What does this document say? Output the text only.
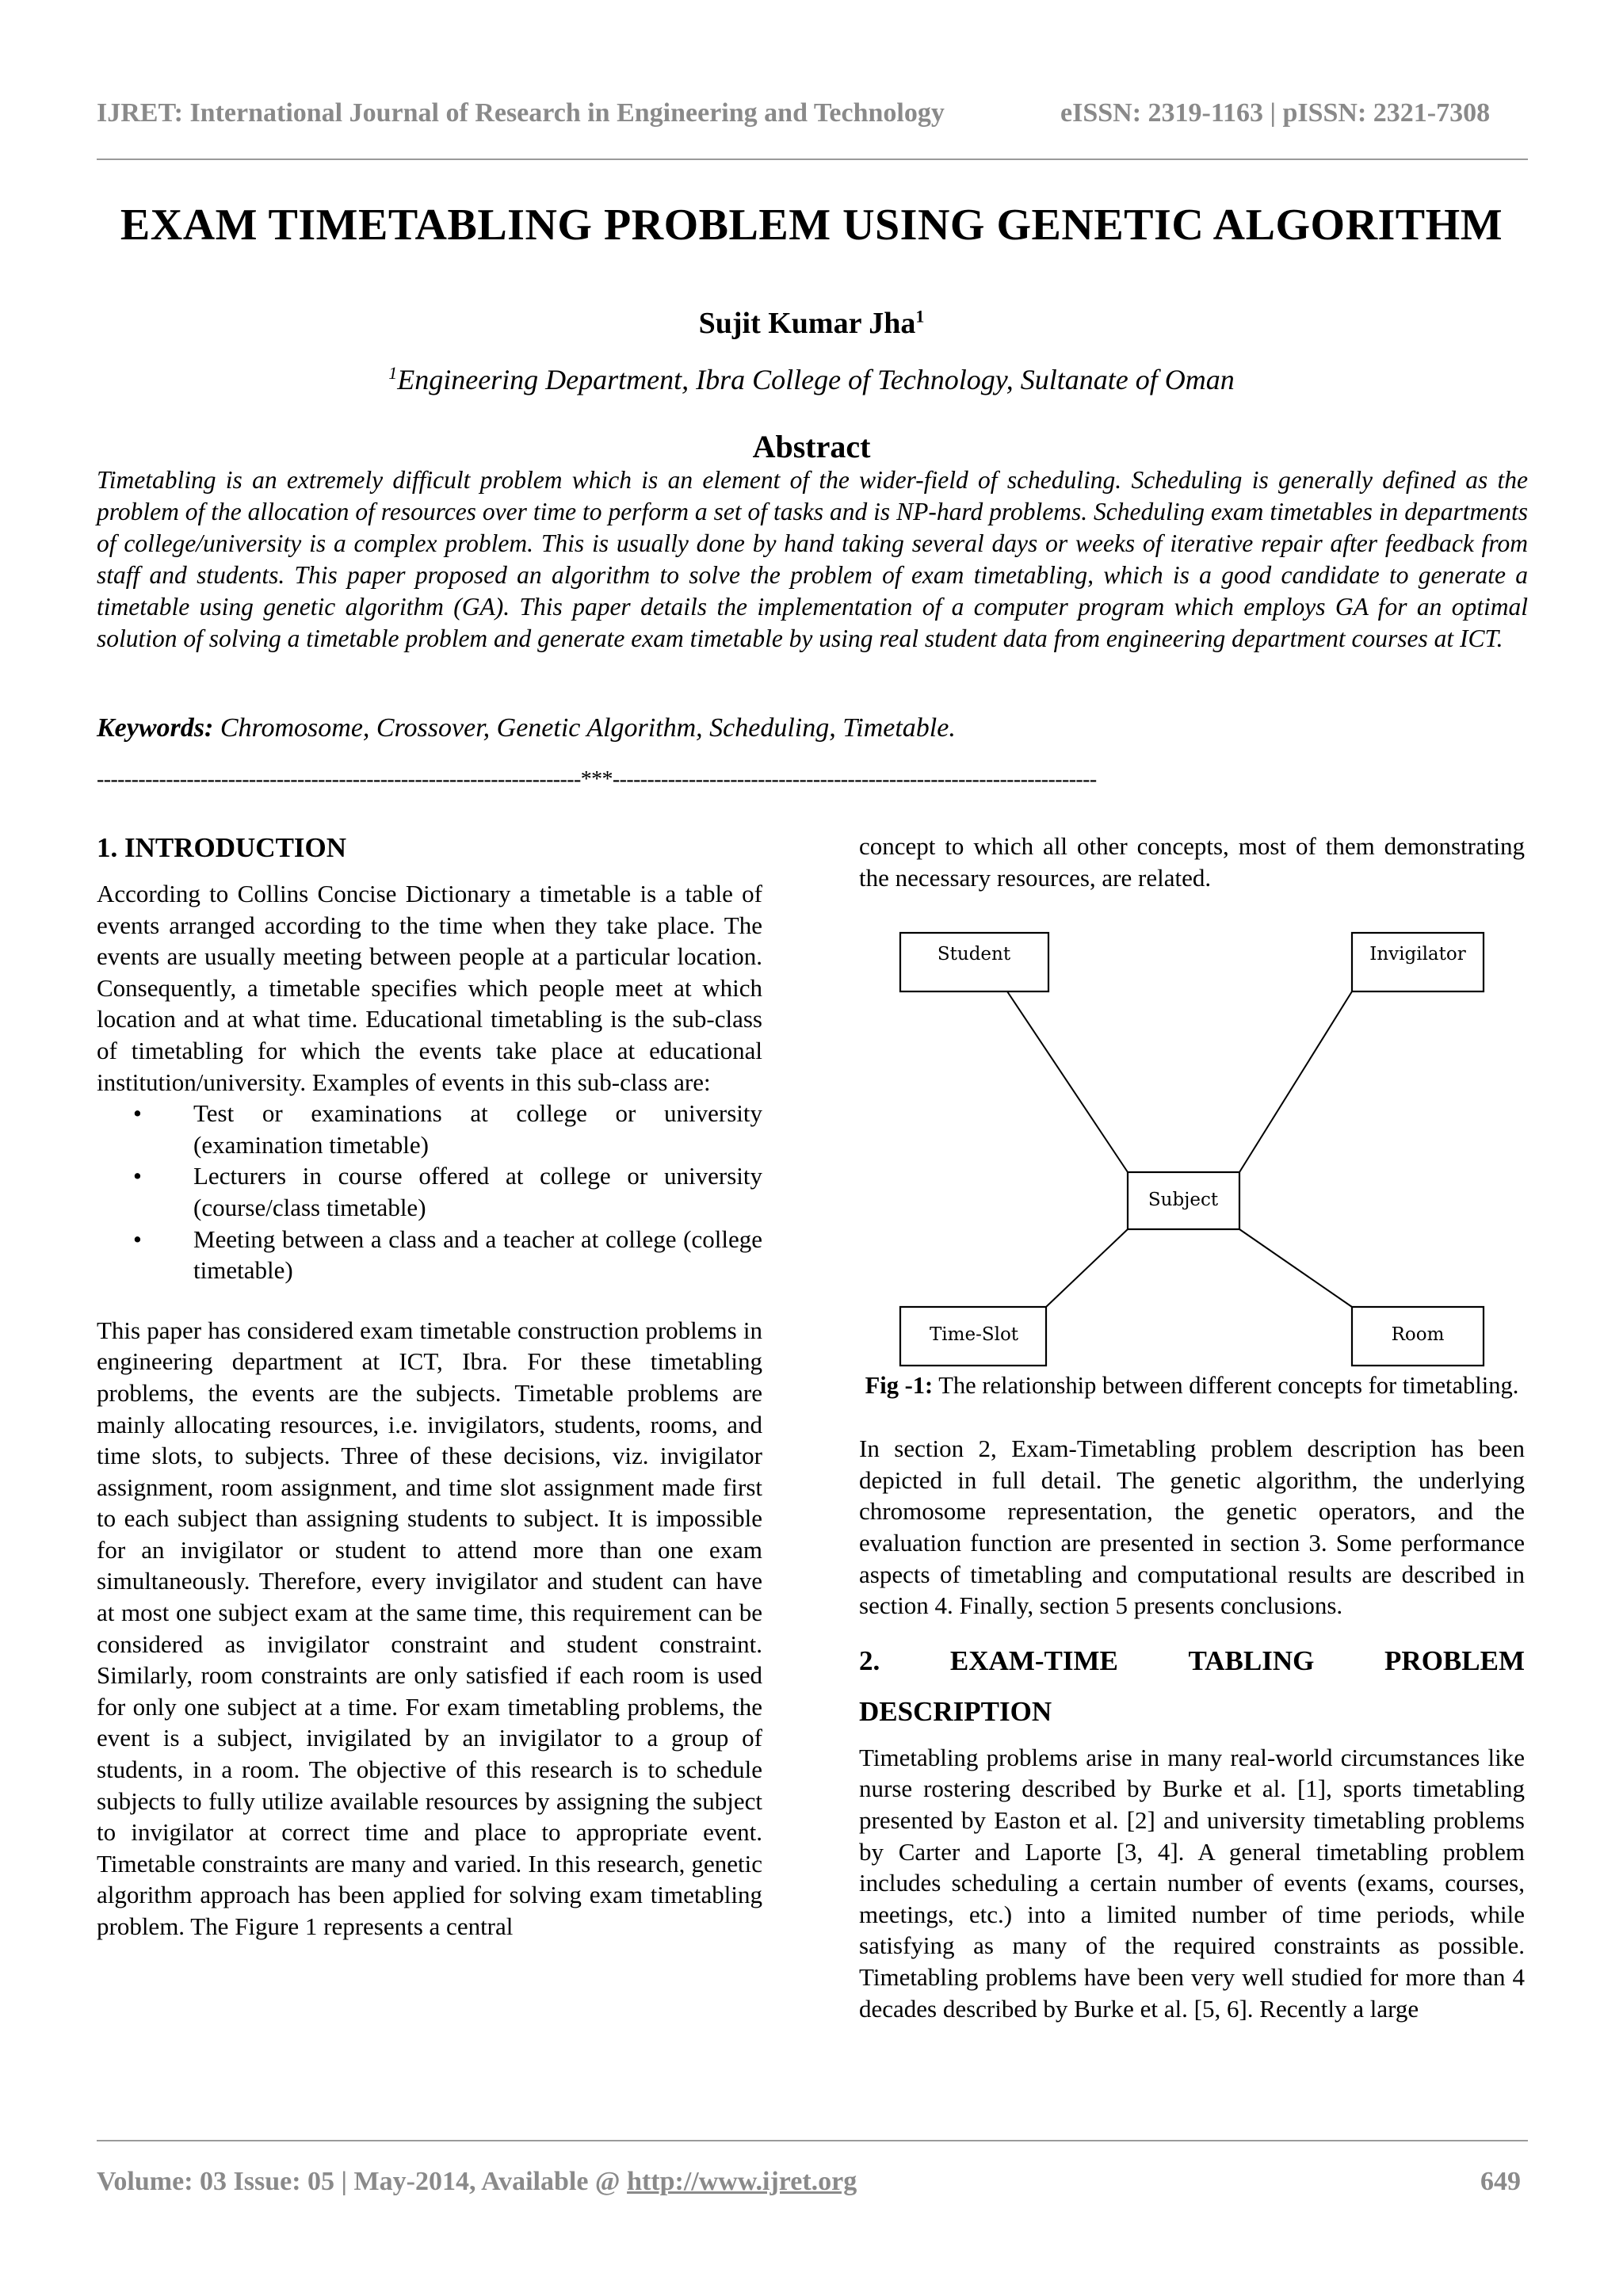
IJRET: International Journal of Research in Engineering and Technology	eISSN: 2319-1163 | pISSN: 2321-7308
EXAM TIMETABLING PROBLEM USING GENETIC ALGORITHM
Sujit Kumar Jha$^1$
$^1$Engineering Department, Ibra College of Technology, Sultanate of Oman
Abstract
Timetabling is an extremely difficult problem which is an element of the wider-field of scheduling. Scheduling is generally defined as the problem of the allocation of resources over time to perform a set of tasks and is NP-hard problems. Scheduling exam timetables in departments of college/university is a complex problem. This is usually done by hand taking several days or weeks of iterative repair after feedback from staff and students. This paper proposed an algorithm to solve the problem of exam timetabling, which is a good candidate to generate a timetable using genetic algorithm (GA). This paper details the implementation of a computer program which employs GA for an optimal solution of solving a timetable problem and generate exam timetable by using real student data from engineering department courses at ICT.
Keywords: Chromosome, Crossover, Genetic Algorithm, Scheduling, Timetable.
----------------------------------------------------------------------***----------------------------------------------------------------------
1. INTRODUCTION

According to Collins Concise Dictionary a timetable is a table of events arranged according to the time when they take place. The events are usually meeting between people at a particular location. Consequently, a timetable specifies which people meet at which location and at what time. Educational timetabling is the sub-class of timetabling for which the events take place at educational institution/university. Examples of events in this sub-class are:

• Test or examinations at college or university (examination timetable)
• Lecturers in course offered at college or university (course/class timetable)
• Meeting between a class and a teacher at college (college timetable)

This paper has considered exam timetable construction problems in engineering department at ICT, Ibra. For these timetabling problems, the events are the subjects. Timetable problems are mainly allocating resources, i.e. invigilators, students, rooms, and time slots, to subjects. Three of these decisions, viz. invigilator assignment, room assignment, and time slot assignment made first to each subject than assigning students to subject. It is impossible for an invigilator or student to attend more than one exam simultaneously. Therefore, every invigilator and student can have at most one subject exam at the same time, this requirement can be considered as invigilator constraint and student constraint. Similarly, room constraints are only satisfied if each room is used for only one subject at a time. For exam timetabling problems, the event is a subject, invigilated by an invigilator to a group of students, in a room. The objective of this research is to schedule subjects to fully utilize available resources by assigning the subject to invigilator at correct time and place to appropriate event. Timetable constraints are many and varied. In this research, genetic algorithm approach has been applied for solving exam timetabling problem. The Figure 1 represents a central

concept to which all other concepts, most of them demonstrating the necessary resources, are related.

Student	Invigilator
Subject
Time-Slot	Room
Fig -1: The relationship between different concepts for timetabling.

In section 2, Exam-Timetabling problem description has been depicted in full detail. The genetic algorithm, the underlying chromosome representation, the genetic operators, and the evaluation function are presented in section 3. Some performance aspects of timetabling and computational results are described in section 4. Finally, section 5 presents conclusions.

2.	EXAM-TIME	TABLING	PROBLEM
DESCRIPTION

Timetabling problems arise in many real-world circumstances like nurse rostering described by Burke et al. [1], sports timetabling presented by Easton et al. [2] and university timetabling problems by Carter and Laporte [3, 4]. A general timetabling problem includes scheduling a certain number of events (exams, courses, meetings, etc.) into a limited number of time periods, while satisfying as many of the required constraints as possible. Timetabling problems have been very well studied for more than 4 decades described by Burke et al. [5, 6]. Recently a large

Volume: 03 Issue: 05 | May-2014, Available @ http://www.ijret.org	649
